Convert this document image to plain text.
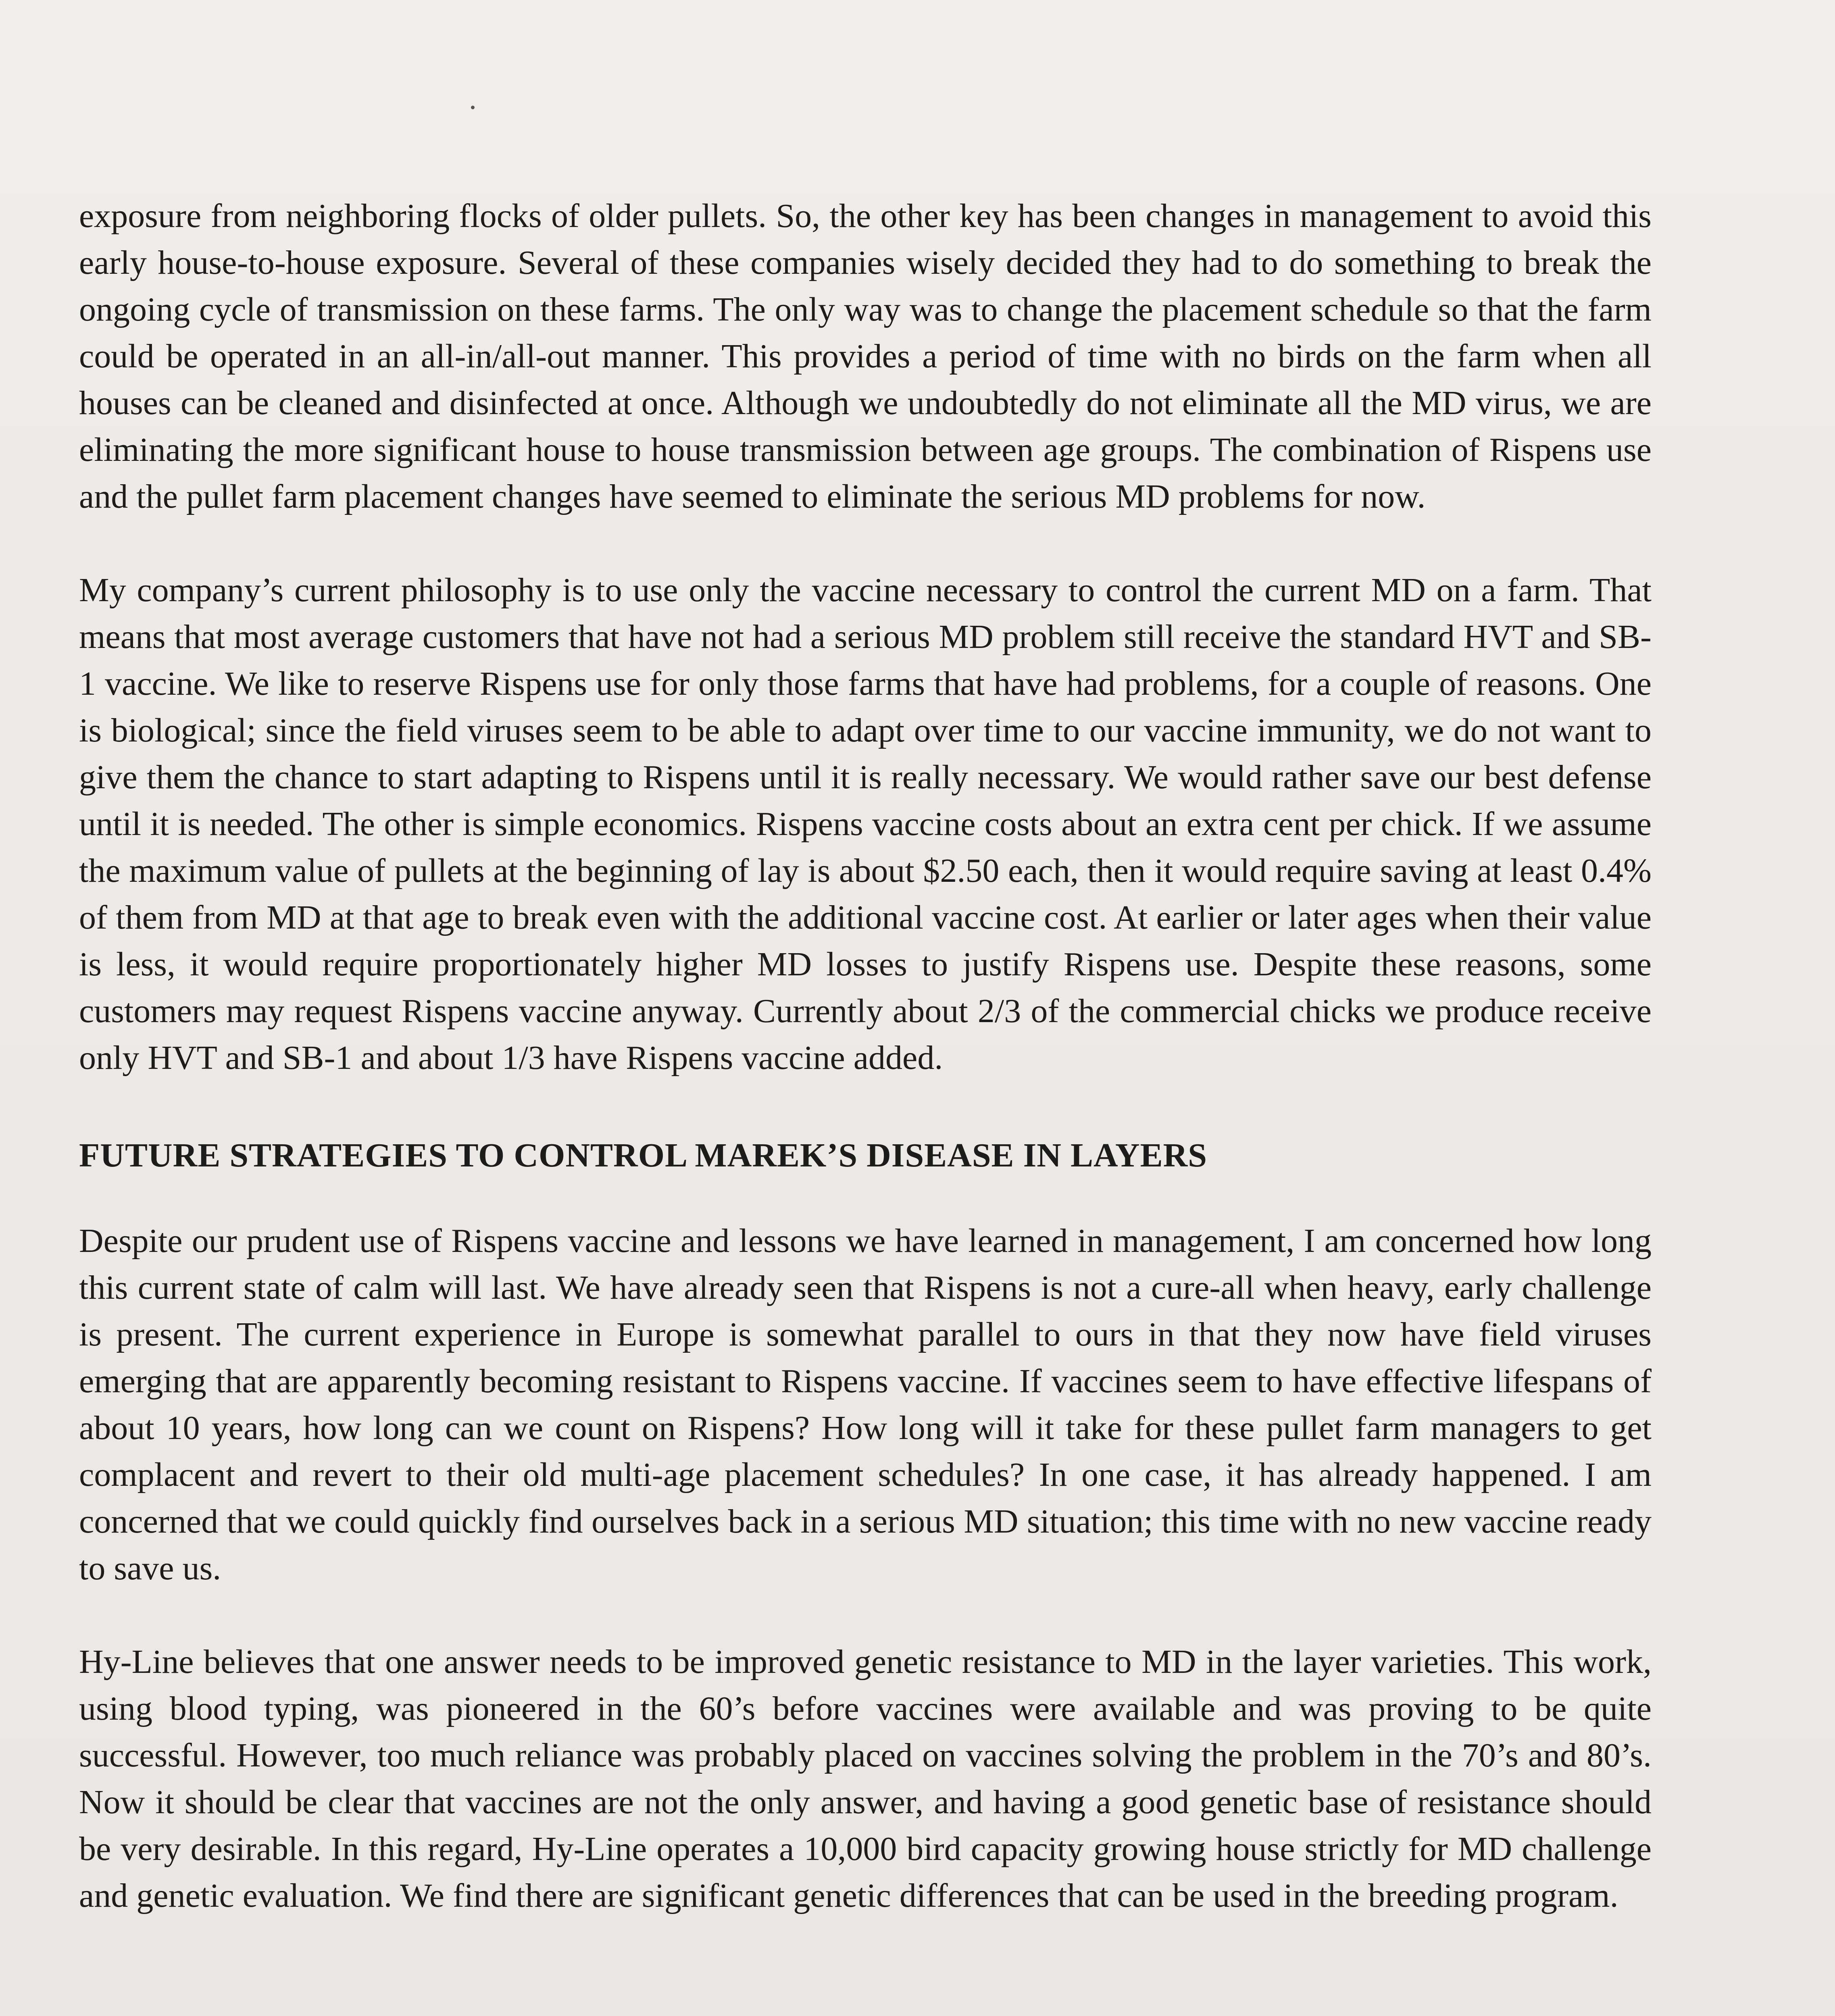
exposure from neighboring flocks of older pullets. So, the other key has been changes in management to avoid this early house-to-house exposure. Several of these companies wisely decided they had to do something to break the ongoing cycle of transmission on these farms. The only way was to change the placement schedule so that the farm could be operated in an all-in/all-out manner. This provides a period of time with no birds on the farm when all houses can be cleaned and disinfected at once. Although we undoubtedly do not eliminate all the MD virus, we are eliminating the more significant house to house transmission between age groups. The combination of Rispens use and the pullet farm placement changes have seemed to eliminate the serious MD problems for now.

My company’s current philosophy is to use only the vaccine necessary to control the current MD on a farm. That means that most average customers that have not had a serious MD problem still receive the standard HVT and SB-1 vaccine. We like to reserve Rispens use for only those farms that have had problems, for a couple of reasons. One is biological; since the field viruses seem to be able to adapt over time to our vaccine immunity, we do not want to give them the chance to start adapting to Rispens until it is really necessary. We would rather save our best defense until it is needed. The other is simple economics. Rispens vaccine costs about an extra cent per chick. If we assume the maximum value of pullets at the beginning of lay is about $2.50 each, then it would require saving at least 0.4% of them from MD at that age to break even with the additional vaccine cost. At earlier or later ages when their value is less, it would require proportionately higher MD losses to justify Rispens use. Despite these reasons, some customers may request Rispens vaccine anyway. Currently about 2/3 of the commercial chicks we produce receive only HVT and SB-1 and about 1/3 have Rispens vaccine added.

FUTURE STRATEGIES TO CONTROL MAREK’S DISEASE IN LAYERS

Despite our prudent use of Rispens vaccine and lessons we have learned in management, I am concerned how long this current state of calm will last. We have already seen that Rispens is not a cure-all when heavy, early challenge is present. The current experience in Europe is somewhat parallel to ours in that they now have field viruses emerging that are apparently becoming resistant to Rispens vaccine. If vaccines seem to have effective lifespans of about 10 years, how long can we count on Rispens? How long will it take for these pullet farm managers to get complacent and revert to their old multi-age placement schedules? In one case, it has already happened. I am concerned that we could quickly find ourselves back in a serious MD situation; this time with no new vaccine ready to save us.

Hy-Line believes that one answer needs to be improved genetic resistance to MD in the layer varieties. This work, using blood typing, was pioneered in the 60’s before vaccines were available and was proving to be quite successful. However, too much reliance was probably placed on vaccines solving the problem in the 70’s and 80’s. Now it should be clear that vaccines are not the only answer, and having a good genetic base of resistance should be very desirable. In this regard, Hy-Line operates a 10,000 bird capacity growing house strictly for MD challenge and genetic evaluation. We find there are significant genetic differences that can be used in the breeding program.
